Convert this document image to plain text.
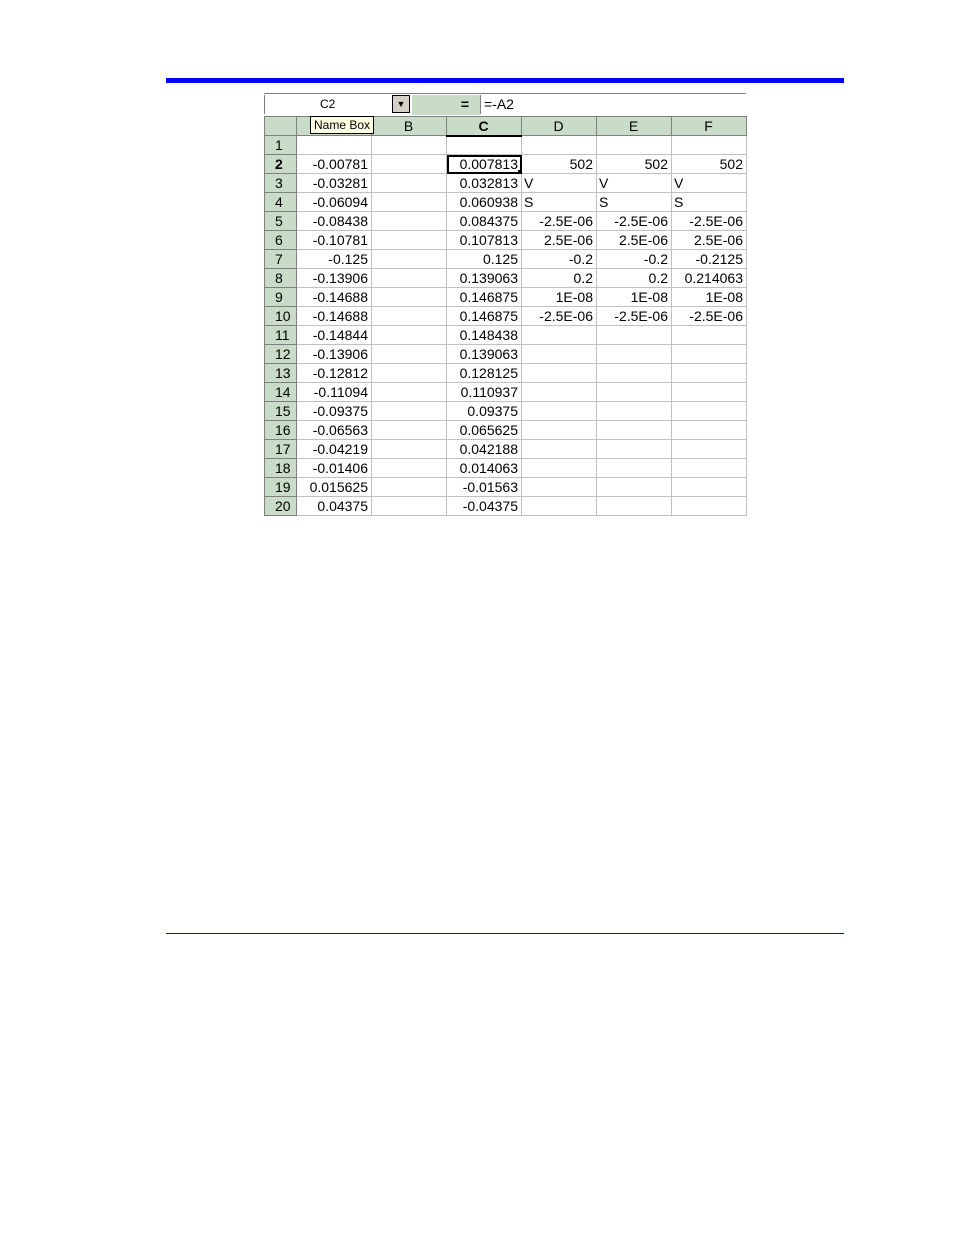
C2	▼	= =-A2
Name Box
		B	C	D	E	F
1						
2	-0.00781		0.007813	502	502	502
3	-0.03281		0.032813	V	V	V
4	-0.06094		0.060938	S	S	S
5	-0.08438		0.084375	-2.5E-06	-2.5E-06	-2.5E-06
6	-0.10781		0.107813	2.5E-06	2.5E-06	2.5E-06
7	-0.125		0.125	-0.2	-0.2	-0.2125
8	-0.13906		0.139063	0.2	0.2	0.214063
9	-0.14688		0.146875	1E-08	1E-08	1E-08
10	-0.14688		0.146875	-2.5E-06	-2.5E-06	-2.5E-06
11	-0.14844		0.148438			
12	-0.13906		0.139063			
13	-0.12812		0.128125			
14	-0.11094		0.110937			
15	-0.09375		0.09375			
16	-0.06563		0.065625			
17	-0.04219		0.042188			
18	-0.01406		0.014063			
19	0.015625		-0.01563			
20	0.04375		-0.04375			
